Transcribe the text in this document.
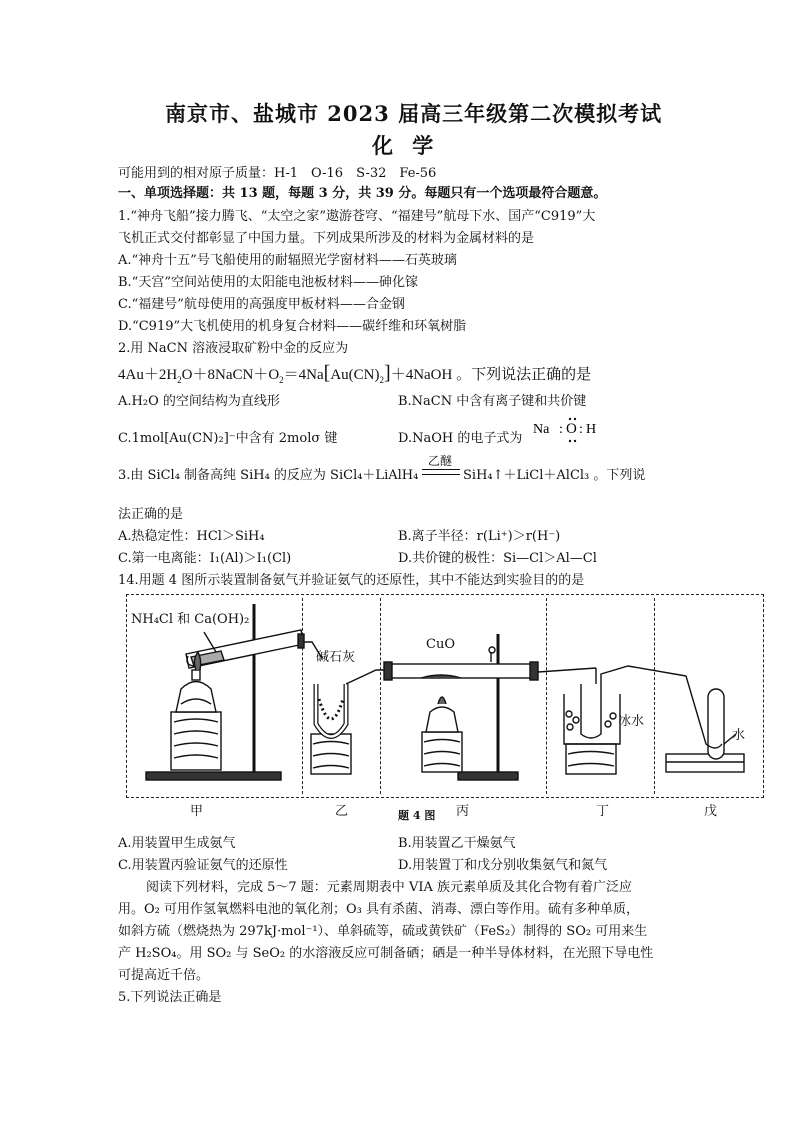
南京市、盐城市 2023 届高三年级第二次模拟考试
化 学
可能用到的相对原子质量：H-1　O-16　S-32　Fe-56
一、单项选择题：共 13 题，每题 3 分，共 39 分。每题只有一个选项最符合题意。
1.“神舟飞船”接力腾飞、“太空之家”遨游苍穹、“福建号”航母下水、国产“C919”大
飞机正式交付都彰显了中国力量。下列成果所涉及的材料为金属材料的是
A.“神舟十五”号飞船使用的耐辐照光学窗材料——石英玻璃
B.“天宫”空间站使用的太阳能电池板材料——砷化镓
C.“福建号”航母使用的高强度甲板材料——合金钢
D.“C919”大飞机使用的机身复合材料——碳纤维和环氧树脂
2.用 NaCN 溶液浸取矿粉中金的反应为
$4Au+2H_2O+8NaCN+O_2=4Na[Au(CN)_2]+4NaOH$ 。下列说法正确的是
A.H₂O 的空间结构为直线形	B.NaCN 中含有离子键和共价键
C.1mol[Au(CN)₂]⁻中含有 2molσ 键	D.NaOH 的电子式为
Na : O : H
3.由 SiCl₄ 制备高纯 SiH₄ 的反应为 SiCl₄＋LiAlH₄
乙醚
SiH₄↑＋LiCl＋AlCl₃ 。下列说
法正确的是
A.热稳定性：HCl＞SiH₄	B.离子半径：r(Li⁺)＞r(H⁻)
C.第一电离能：I₁(Al)＞I₁(Cl)	D.共价键的极性：Si—Cl＞Al—Cl
14.用题 4 图所示装置制备氨气并验证氨气的还原性，其中不能达到实验目的的是
NH₄Cl 和 Ca(OH)₂
碱石灰
CuO
冰水
水
甲	乙	丙	丁	戊
题 4 图
A.用装置甲生成氨气	B.用装置乙干燥氨气
C.用装置丙验证氨气的还原性	D.用装置丁和戊分别收集氨气和氮气
阅读下列材料，完成 5～7 题：元素周期表中 VIA 族元素单质及其化合物有着广泛应
用。O₂ 可用作氢氧燃料电池的氧化剂；O₃ 具有杀菌、消毒、漂白等作用。硫有多种单质，
如斜方硫（燃烧热为 297kJ·mol⁻¹）、单斜硫等，硫或黄铁矿（FeS₂）制得的 SO₂ 可用来生
产 H₂SO₄。用 SO₂ 与 SeO₂ 的水溶液反应可制备硒；硒是一种半导体材料，在光照下导电性
可提高近千倍。
5.下列说法正确是
